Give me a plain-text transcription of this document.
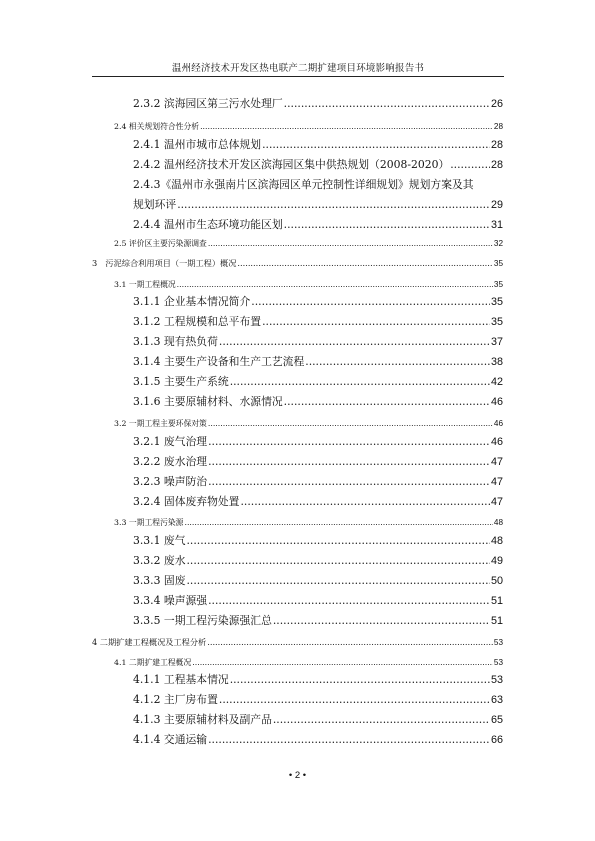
温州经济技术开发区热电联产二期扩建项目环境影响报告书
2.3.2 滨海园区第三污水处理厂 .....	26
2.4 相关规划符合性分析 .....	28
2.4.1 温州市城市总体规划 .....	28
2.4.2 温州经济技术开发区滨海园区集中供热规划（2008-2020） .....	28
2.4.3《温州市永强南片区滨海园区单元控制性详细规划》规划方案及其
规划环评 .....	29
2.4.4 温州市生态环境功能区划 .....	31
2.5 评价区主要污染源调查 .....	32
3　污泥综合利用项目（一期工程）概况 .....	35
3.1 一期工程概况 .....	35
3.1.1 企业基本情况简介 .....	35
3.1.2 工程规模和总平布置 .....	35
3.1.3 现有热负荷 .....	37
3.1.4 主要生产设备和生产工艺流程 .....	38
3.1.5 主要生产系统 .....	42
3.1.6 主要原辅材料、水源情况 .....	46
3.2 一期工程主要环保对策 .....	46
3.2.1 废气治理 .....	46
3.2.2 废水治理 .....	47
3.2.3 噪声防治 .....	47
3.2.4 固体废弃物处置 .....	47
3.3 一期工程污染源 .....	48
3.3.1 废气 .....	48
3.3.2 废水 .....	49
3.3.3 固废 .....	50
3.3.4 噪声源强 .....	51
3.3.5 一期工程污染源强汇总 .....	51
4 二期扩建工程概况及工程分析 .....	53
4.1 二期扩建工程概况 .....	53
4.1.1 工程基本情况 .....	53
4.1.2 主厂房布置 .....	63
4.1.3 主要原辅材料及副产品 .....	65
4.1.4 交通运输 .....	66
• 2 •
